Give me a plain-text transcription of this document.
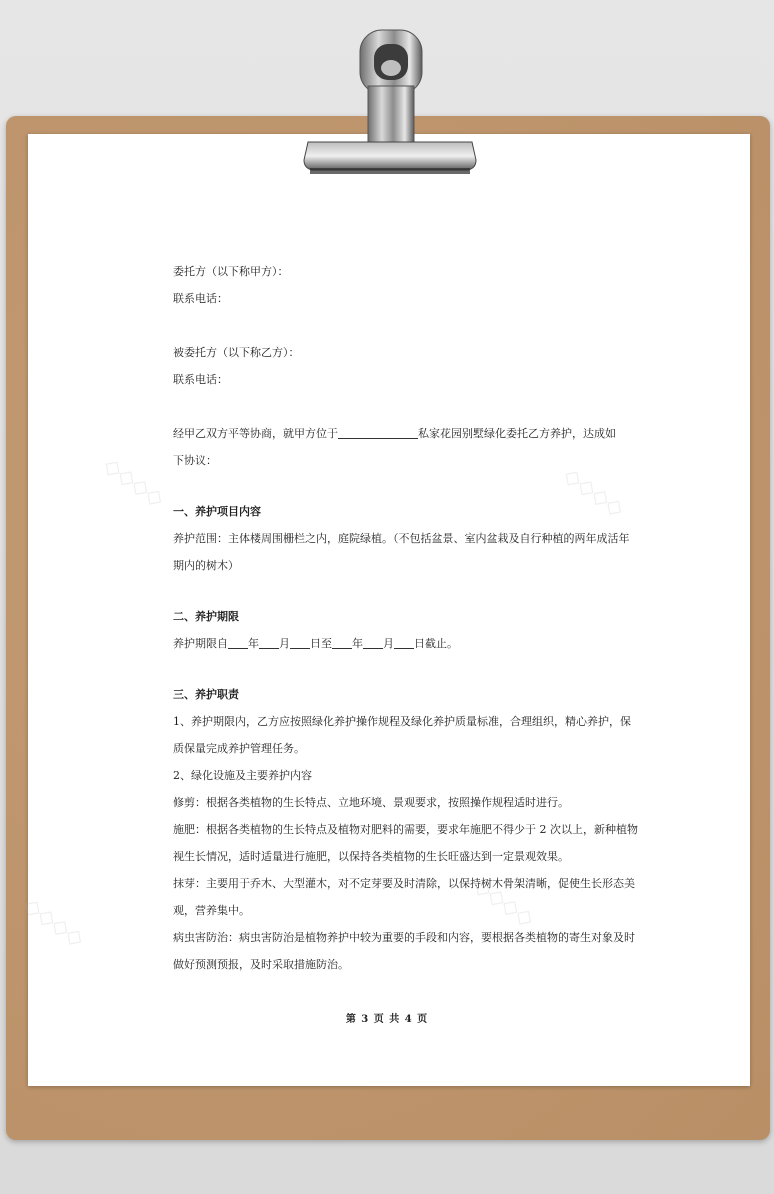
◇◇◇◇	◇◇◇◇
◇◇◇◇	◇◇◇◇
委托方（以下称甲方）：
联系电话：
被委托方（以下称乙方）：
联系电话：
经甲乙双方平等协商，就甲方位于	私家花园别墅绿化委托乙方养护，达成如
下协议：
一、养护项目内容
养护范围：主体楼周围栅栏之内，庭院绿植。（不包括盆景、室内盆栽及自行种植的两年成活年
期内的树木）
二、养护期限
养护期限自 年 月 日至 年 月 日截止。
三、养护职责
1、养护期限内，乙方应按照绿化养护操作规程及绿化养护质量标准，合理组织，精心养护，保
质保量完成养护管理任务。
2、绿化设施及主要养护内容
修剪：根据各类植物的生长特点、立地环境、景观要求，按照操作规程适时进行。
施肥：根据各类植物的生长特点及植物对肥料的需要，要求年施肥不得少于 2 次以上，新种植物
视生长情况，适时适量进行施肥，以保持各类植物的生长旺盛达到一定景观效果。
抹芽：主要用于乔木、大型灌木，对不定芽要及时清除，以保持树木骨架清晰，促使生长形态美
观，营养集中。
病虫害防治：病虫害防治是植物养护中较为重要的手段和内容，要根据各类植物的寄生对象及时
做好预测预报，及时采取措施防治。
第 3 页 共 4 页
